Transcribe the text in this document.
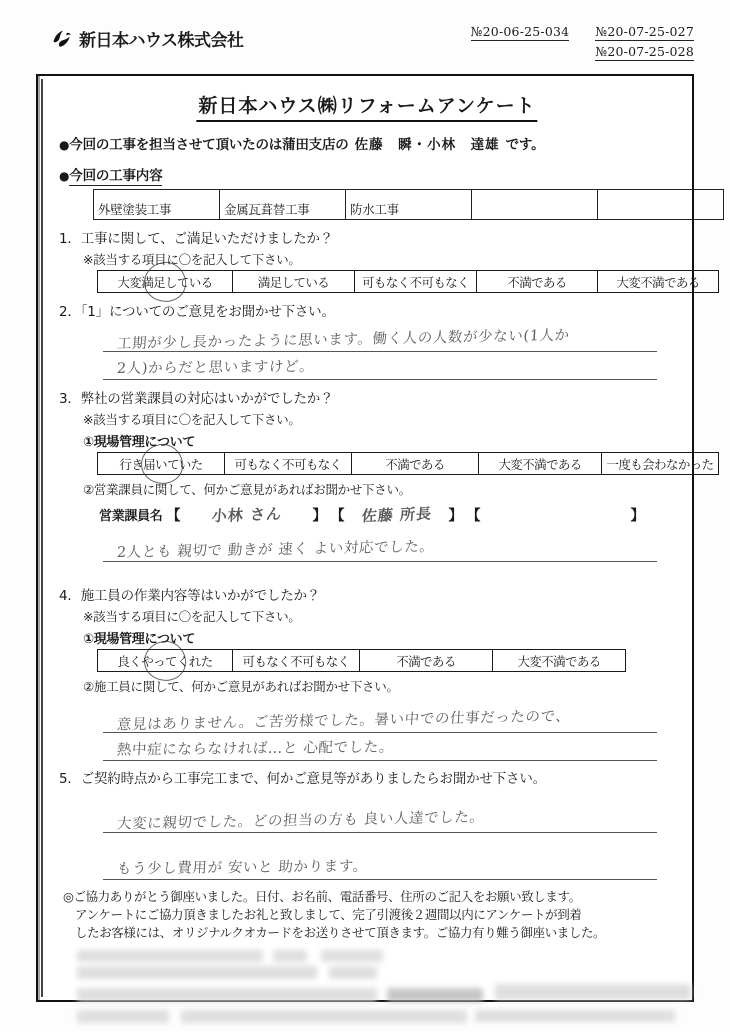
新日本ハウス株式会社	№20-06-25-034 №20-07-25-027
№20-07-25-028
新日本ハウス㈱リフォームアンケート
●今回の工事を担当させて頂いたのは蒲田支店の 佐藤　瞬・小林　達雄 です。
●今回の工事内容
外壁塗装工事	金属瓦葺替工事	防水工事		
1．工事に関して、ご満足いただけましたか？
※該当する項目に〇を記入して下さい。
大変満足している	満足している	可もなく不可もなく	不満である	大変不満である
2．「1」についてのご意見をお聞かせ下さい。
工期が少し長かったように思います。働く人の人数が少ない(1人か
2人)からだと思いますけど。
3．弊社の営業課員の対応はいかがでしたか？
※該当する項目に〇を記入して下さい。
①現場管理について
行き届いていた	可もなく不可もなく	不満である	大変不満である	一度も会わなかった
②営業課員に関して、何かご意見があればお聞かせ下さい。
営業課員名 【	小林 さん	】 【	佐藤 所長	】 【	】
2人とも 親切で 動きが 速く よい対応でした。
4．施工員の作業内容等はいかがでしたか？
※該当する項目に〇を記入して下さい。
①現場管理について
良くやってくれた	可もなく不可もなく	不満である	大変不満である
②施工員に関して、何かご意見があればお聞かせ下さい。
意見はありません。ご苦労様でした。暑い中での仕事だったので、
熱中症にならなければ…と 心配でした。
5．ご契約時点から工事完工まで、何かご意見等がありましたらお聞かせ下さい。
大変に親切でした。どの担当の方も 良い人達でした。
もう少し費用が 安いと 助かります。
◎ご協力ありがとう御座いました。日付、お名前、電話番号、住所のご記入をお願い致します。
アンケートにご協力頂きましたお礼と致しまして、完了引渡後２週間以内にアンケートが到着
したお客様には、オリジナルクオカードをお送りさせて頂きます。ご協力有り難う御座いました。
